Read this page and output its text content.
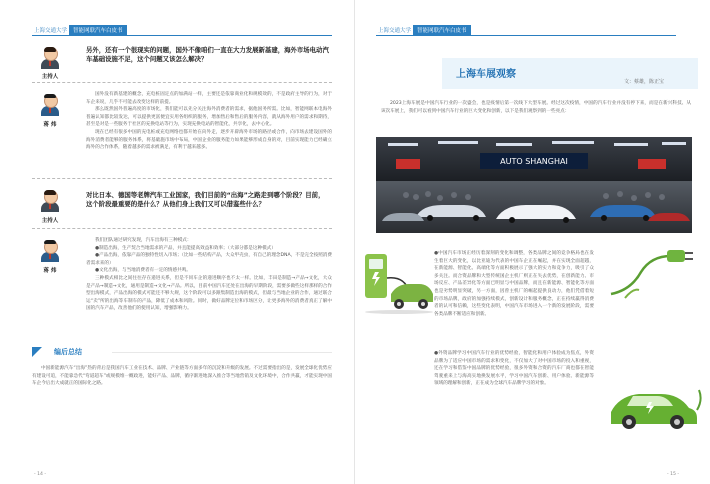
上海交通大学	智能网联汽车白皮书
主持人
另外，还有一个很现实的问题，国外不像咱们一直在大力发展新基建，海外市场电动汽车基础设施不足，这个问题又该怎么解决？
蒋 炜

国外没有新基建的概念，充电桩固定点的加满站一样，主要还是依靠商业化和规模效的，不是政府主导的行为，对于车企来说，几乎不可能去改变这样的前提。

那么既然国外普遍高度的市场化，我们能可以先分关注海外消费者的需求，据他国务所需。比如，智能网联本电海外普遍认知都比较发达，可以提供更富便宜实用各组织的服务，增加售后和售后的服务内容，就从海外用户的需求和期待，甚至是对是一些服务于社区的充换电站等行为，实现充换电站的智能化，共享化，去中心化。

现在已经有很多中国的充电桩或充电网络也都开始在向外走，逐步开辟海外市场的路径或合作，向市场去建设国外的海外消费者能够的服务体系，将基础施市场中布局，中国企业的服务能力如果能够形成自身的对，目前实现能力已经确立海外的合作体系，随着越多的需求被满足，有利于越来越多。

主持人
对比日本、德国等老牌汽车工业国家，我们目前的“出海”之路走到哪个阶段？目前，这个阶段最重要的是什么？从他们身上我们又可以借鉴些什么？
蒋 炜

我们团队通过研究发现，汽车出海有三种模式：

●制造出海，生产契合当地需求的产品，并且能提高效益和效率；（大部分都是这种模式）

●产品出海，依靠产品的独特性切入市场；（比如一些结构产品，大众甲壳虫，有自己的理念DNA，不是完全按照消费者需求来的）

●文化出海，与当地消费者有一定的情感共鸣。

三种模式相比之间往往存在递进关系，但是不同车企的递进顺序也不太一样。比如，丰田是制造→产品→文化，大众是产品→制造→文化，通用是制造→文化→产品。所以，目前中国汽车还处在出海的早期阶段，需要多做些这样那样的合作型出海模式，产品出海的模式可能还不够大规，这个阶段可以多跟集制造出海的模式，但最与当地企业的合作，通过联合运“卖”所的出海等车制车的产品，降低了成本和风险。同时，做好品牌定位和市场区分，让更多海外的消费者真正了解中国的汽车产品，改善他们的使用认知，增强影响力。

编后总结

中国新能源汽车“出海”热的背后是我国汽车工业在技术、品牌、产业链等方面多年的沉淀和升级的发展。不过需要指出的是，发展全球化优势应有建设可追，不能靠急代“弯道超车”或规模堆一概政进，能好产品、品牌，循序渐进地深入推合等当地营销及文化环境中，合作共赢，才能实现中国车企今后出大成就正的国际化之路。

- 14 -
上海交通大学	智能网联汽车白皮书
上海车展观察
文：蔡雄，陈正宝

2023上海车展是中国汽车行业的一次盛会，也是疫情后第一次线下大型车展。经过这次疫情，中国的汽车行业并没有停下来，而是在新兴科技、从该次车展上，我们可以看到中国汽车行业的巨大变化和创新，以下是我们观察到的一些亮点：

AUTO SHANGHAI

●中国汽车市场正经历着深刻的变化和调整，各类品牌之间的竞争格局也在发生着巨大的变化，以比亚迪为代表的中国车企正在崛起，并在实现全面超越，在新能源、智能化、高端化等方面积极展示了强大的实力和竞争力，吸引了众多关注。而合资品牌和大型传统国企主机厂则正在失去优势，在创新能力、市场反应、产品差异化等方面已明显与中国品牌，而且在新能源、智能化等方面也是劣势明显突破，另一方面，因曾主机厂的崛起提供良动力，他们凭借着短的市场品牌，政府的加强持续模式，创新设计和服务概念，正在持续赢得消费者的认可和信赖，这些变化表明，中国汽车市场进入一个新的发展阶段，需要各类品牌不断适应和创新。

●外资品牌学习中国汽车行业的优势经验，智能化和用户体验成为焦点，外资品牌为了适应中国市场的需求和变化，不仅加大了对中国市场的投入和重视，还在学习和借鉴中国品牌的优势经验，很多外资和合资的汽车厂商也都在智能驾驶重来上与海高实地换发展水平，学习中国汽车创新、用户体验、新能源等领域的理解和创新，正在成为全球汽车品牌学习的对象。

- 15 -
